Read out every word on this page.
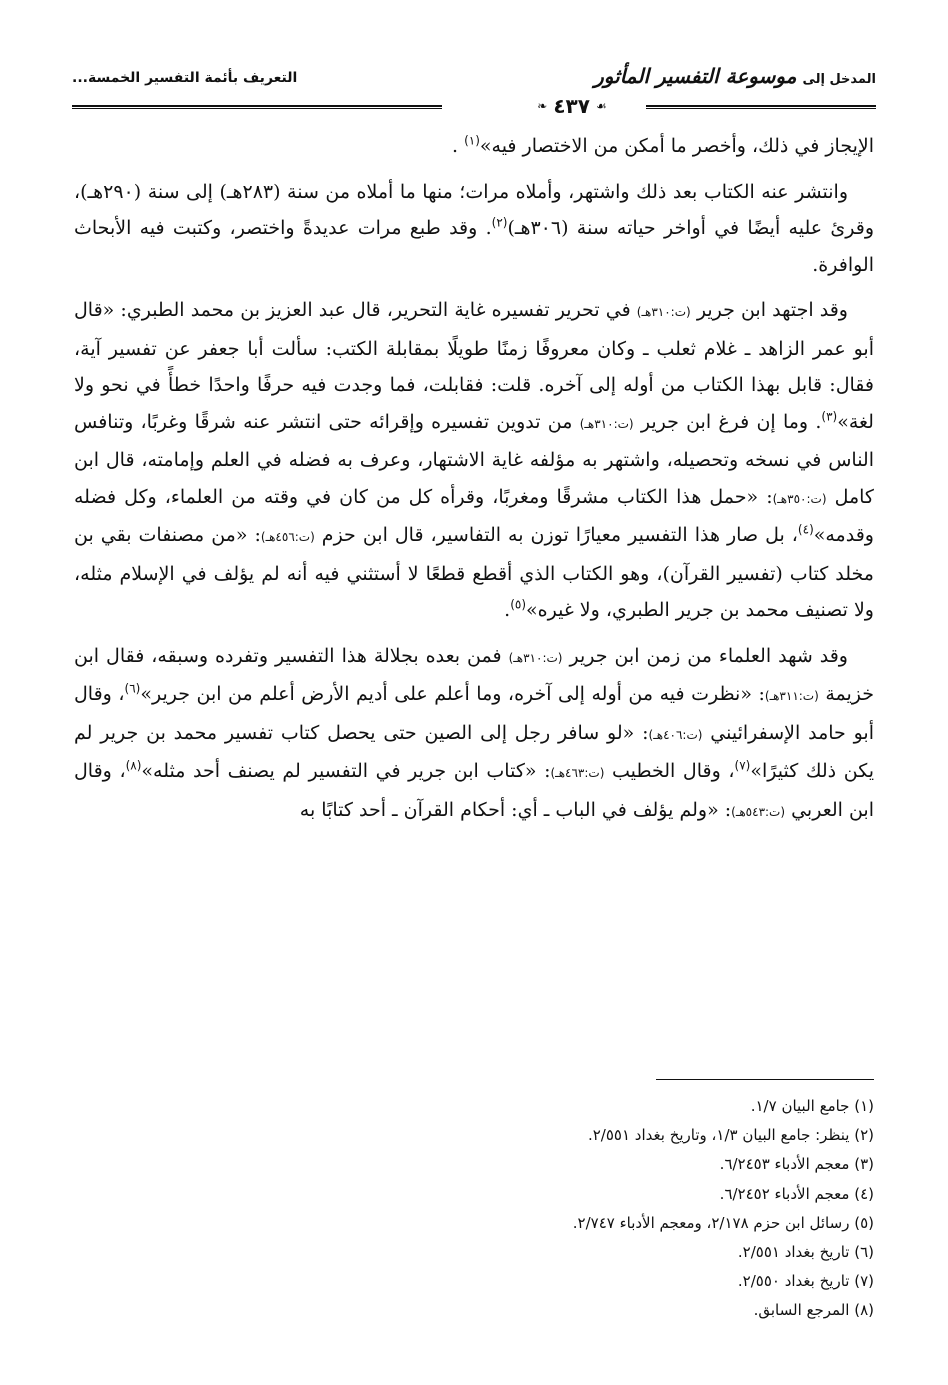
المدخل إلى
موسوعة التفسير المأثور
التعريف بأئمة التفسير الخمسة...
☙
٤٣٧
❧

الإيجاز في ذلك، وأخصر ما أمكن من الاختصار فيه»$^{(١)}$ .

وانتشر عنه الكتاب بعد ذلك واشتهر، وأملاه مرات؛ منها ما أملاه من سنة (٢٨٣هـ) إلى سنة (٢٩٠هـ)، وقرئ عليه أيضًا في أواخر حياته سنة (٣٠٦هـ)$^{(٢)}$. وقد طبع مرات عديدةً واختصر، وكتبت فيه الأبحاث الوافرة.

وقد اجتهد ابن جرير (ت:٣١٠هـ) في تحرير تفسيره غاية التحرير، قال عبد العزيز بن محمد الطبري: «قال أبو عمر الزاهد ـ غلام ثعلب ـ وكان معروفًا زمنًا طويلًا بمقابلة الكتب: سألت أبا جعفر عن تفسير آية، فقال: قابل بهذا الكتاب من أوله إلى آخره. قلت: فقابلت، فما وجدت فيه حرفًا واحدًا خطأً في نحو ولا لغة»$^{(٣)}$. وما إن فرغ ابن جرير (ت:٣١٠هـ) من تدوين تفسيره وإقرائه حتى انتشر عنه شرقًا وغربًا، وتنافس الناس في نسخه وتحصيله، واشتهر به مؤلفه غاية الاشتهار، وعرف به فضله في العلم وإمامته، قال ابن كامل (ت:٣٥٠هـ): «حمل هذا الكتاب مشرقًا ومغربًا، وقرأه كل من كان في وقته من العلماء، وكل فضله وقدمه»$^{(٤)}$، بل صار هذا التفسير معيارًا توزن به التفاسير، قال ابن حزم (ت:٤٥٦هـ): «من مصنفات بقي بن مخلد كتاب (تفسير القرآن)، وهو الكتاب الذي أقطع قطعًا لا أستثني فيه أنه لم يؤلف في الإسلام مثله، ولا تصنيف محمد بن جرير الطبري، ولا غيره»$^{(٥)}$.

وقد شهد العلماء من زمن ابن جرير (ت:٣١٠هـ) فمن بعده بجلالة هذا التفسير وتفرده وسبقه، فقال ابن خزيمة (ت:٣١١هـ): «نظرت فيه من أوله إلى آخره، وما أعلم على أديم الأرض أعلم من ابن جرير»$^{(٦)}$، وقال أبو حامد الإسفرائيني (ت:٤٠٦هـ): «لو سافر رجل إلى الصين حتى يحصل كتاب تفسير محمد بن جرير لم يكن ذلك كثيرًا»$^{(٧)}$، وقال الخطيب (ت:٤٦٣هـ): «كتاب ابن جرير في التفسير لم يصنف أحد مثله»$^{(٨)}$، وقال ابن العربي (ت:٥٤٣هـ): «ولم يؤلف في الباب ـ أي: أحكام القرآن ـ أحد كتابًا به

(١) جامع البيان ١/٧.
(٢) ينظر: جامع البيان ١/٣، وتاريخ بغداد ٢/٥٥١.
(٣) معجم الأدباء ٦/٢٤٥٣.
(٤) معجم الأدباء ٦/٢٤٥٢.
(٥) رسائل ابن حزم ٢/١٧٨، ومعجم الأدباء ٢/٧٤٧.
(٦) تاريخ بغداد ٢/٥٥١.
(٧) تاريخ بغداد ٢/٥٥٠.
(٨) المرجع السابق.
